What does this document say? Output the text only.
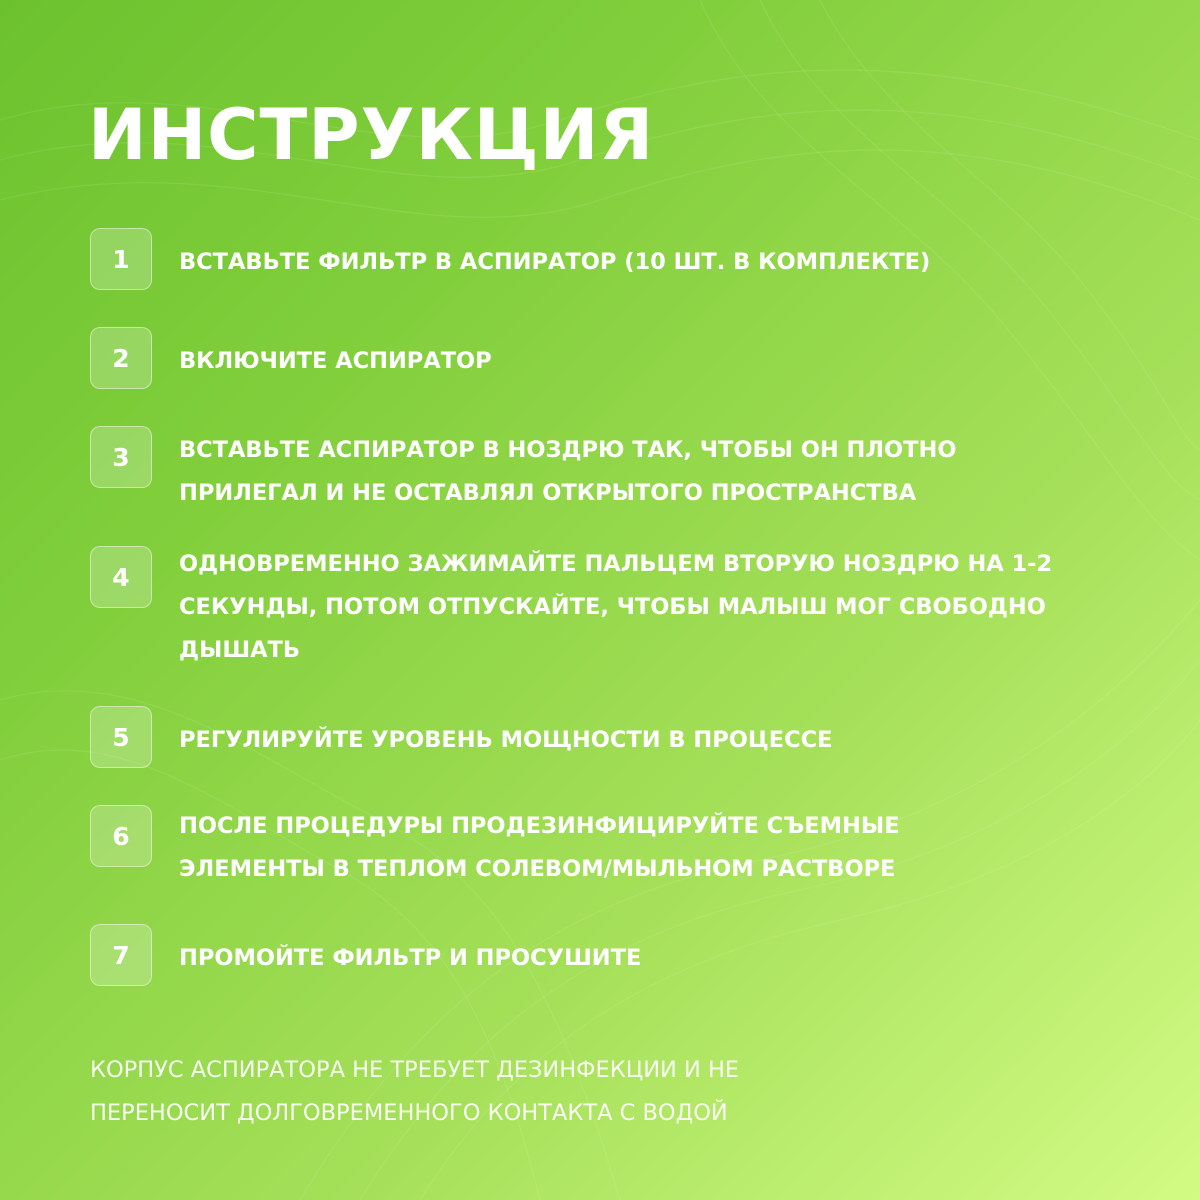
ИНСТРУКЦИЯ
1	ВСТАВЬТЕ ФИЛЬТР В АСПИРАТОР (10 ШТ. В КОМПЛЕКТЕ)
2	ВКЛЮЧИТЕ АСПИРАТОР
3	ВСТАВЬТЕ АСПИРАТОР В НОЗДРЮ ТАК, ЧТОБЫ ОН ПЛОТНО
ПРИЛЕГАЛ И НЕ ОСТАВЛЯЛ ОТКРЫТОГО ПРОСТРАНСТВА
4	ОДНОВРЕМЕННО ЗАЖИМАЙТЕ ПАЛЬЦЕМ ВТОРУЮ НОЗДРЮ НА 1-2
СЕКУНДЫ, ПОТОМ ОТПУСКАЙТЕ, ЧТОБЫ МАЛЫШ МОГ СВОБОДНО
ДЫШАТЬ
5	РЕГУЛИРУЙТЕ УРОВЕНЬ МОЩНОСТИ В ПРОЦЕССЕ
6	ПОСЛЕ ПРОЦЕДУРЫ ПРОДЕЗИНФИЦИРУЙТЕ СЪЕМНЫЕ
ЭЛЕМЕНТЫ В ТЕПЛОМ СОЛЕВОМ/МЫЛЬНОМ РАСТВОРЕ
7	ПРОМОЙТЕ ФИЛЬТР И ПРОСУШИТЕ
КОРПУС АСПИРАТОРА НЕ ТРЕБУЕТ ДЕЗИНФЕКЦИИ И НЕ
ПЕРЕНОСИТ ДОЛГОВРЕМЕННОГО КОНТАКТА С ВОДОЙ
